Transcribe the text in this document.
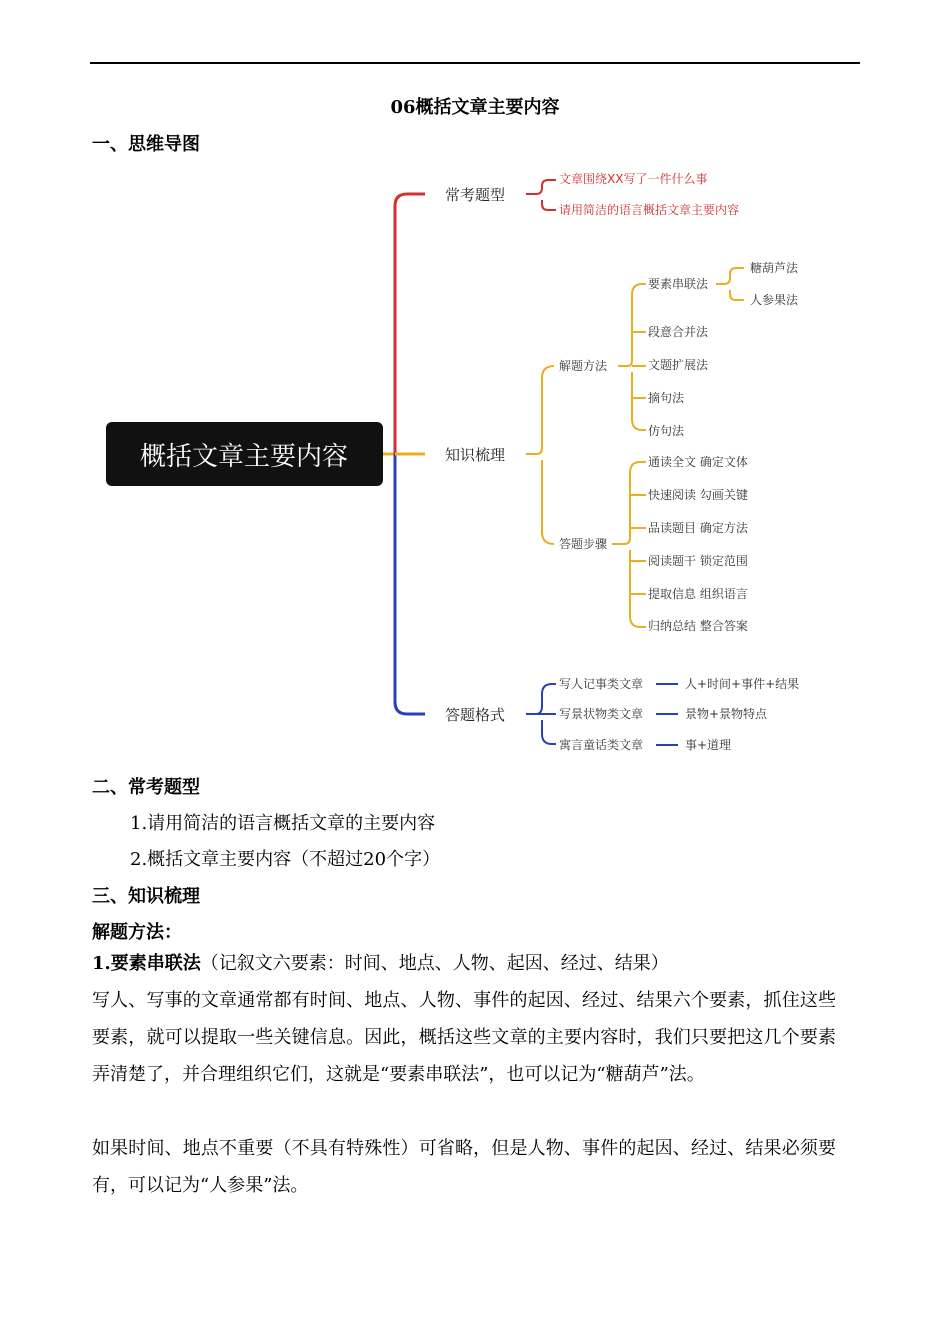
06概括文章主要内容
一、思维导图
概括文章主要内容
常考题型
知识梳理
答题格式
文章围绕XX写了一件什么事
请用简洁的语言概括文章主要内容
解题方法
答题步骤
要素串联法
段意合并法
文题扩展法
摘句法
仿句法
糖葫芦法
人参果法
通读全文 确定文体
快速阅读 勾画关键
品读题目 确定方法
阅读题干 锁定范围
提取信息 组织语言
归纳总结 整合答案
写人记事类文章
写景状物类文章
寓言童话类文章
人+时间+事件+结果
景物+景物特点
事+道理
二、常考题型
1.请用简洁的语言概括文章的主要内容
2.概括文章主要内容（不超过20个字）
三、知识梳理
解题方法：
1.要素串联法（记叙文六要素：时间、地点、人物、起因、经过、结果）
写人、写事的文章通常都有时间、地点、人物、事件的起因、经过、结果六个要素，抓住这些要素，就可以提取一些关键信息。因此，概括这些文章的主要内容时，我们只要把这几个要素弄清楚了，并合理组织它们，这就是“要素串联法”，也可以记为“糖葫芦”法。
如果时间、地点不重要（不具有特殊性）可省略，但是人物、事件的起因、经过、结果必须要有，可以记为“人参果”法。
